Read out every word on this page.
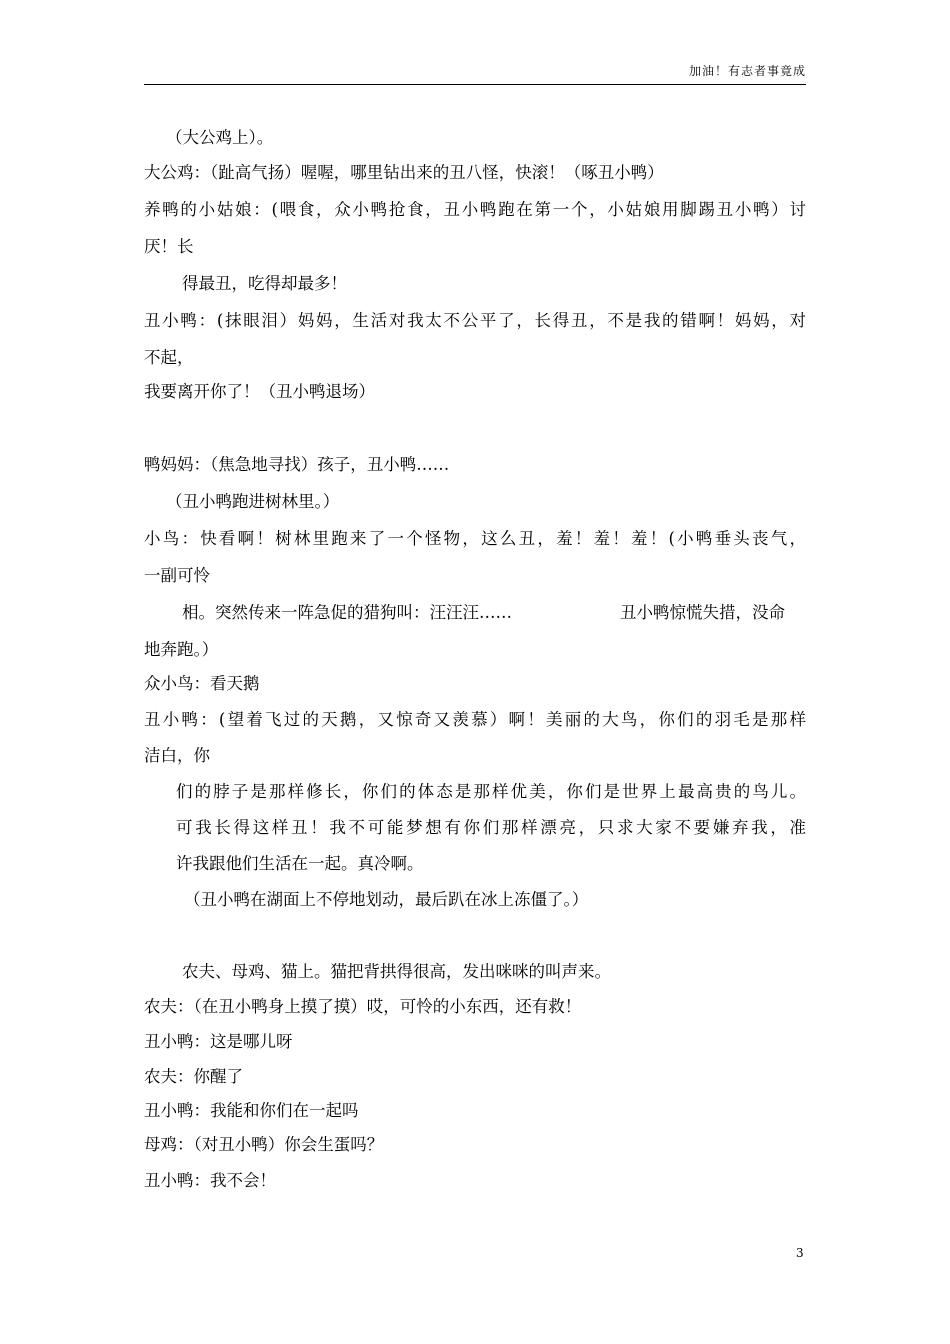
加油！有志者事竟成
（大公鸡上）。
大公鸡：（趾高气扬）喔喔，哪里钻出来的丑八怪，快滚！（啄丑小鸭）
养鸭的小姑娘：(喂食，众小鸭抢食，丑小鸭跑在第一个，小姑娘用脚踢丑小鸭）讨
厌！长
得最丑，吃得却最多！
丑小鸭：(抹眼泪）妈妈，生活对我太不公平了，长得丑，不是我的错啊！妈妈，对
不起，
我要离开你了！（丑小鸭退场）
鸭妈妈：（焦急地寻找）孩子，丑小鸭……
（丑小鸭跑进树林里。）
小鸟：快看啊！树林里跑来了一个怪物，这么丑，羞！羞！羞！(小鸭垂头丧气，
一副可怜
相。突然传来一阵急促的猎狗叫：汪汪汪……	丑小鸭惊慌失措，没命
地奔跑。）
众小鸟：看天鹅
丑小鸭：(望着飞过的天鹅，又惊奇又羡慕）啊！美丽的大鸟，你们的羽毛是那样
洁白，你
们的脖子是那样修长，你们的体态是那样优美，你们是世界上最高贵的鸟儿。
可我长得这样丑！我不可能梦想有你们那样漂亮，只求大家不要嫌弃我，准
许我跟他们生活在一起。真冷啊。
（丑小鸭在湖面上不停地划动，最后趴在冰上冻僵了。）
农夫、母鸡、猫上。猫把背拱得很高，发出咪咪的叫声来。
农夫：（在丑小鸭身上摸了摸）哎，可怜的小东西，还有救！
丑小鸭：这是哪儿呀
农夫：你醒了
丑小鸭：我能和你们在一起吗
母鸡：（对丑小鸭）你会生蛋吗？
丑小鸭：我不会！
3
